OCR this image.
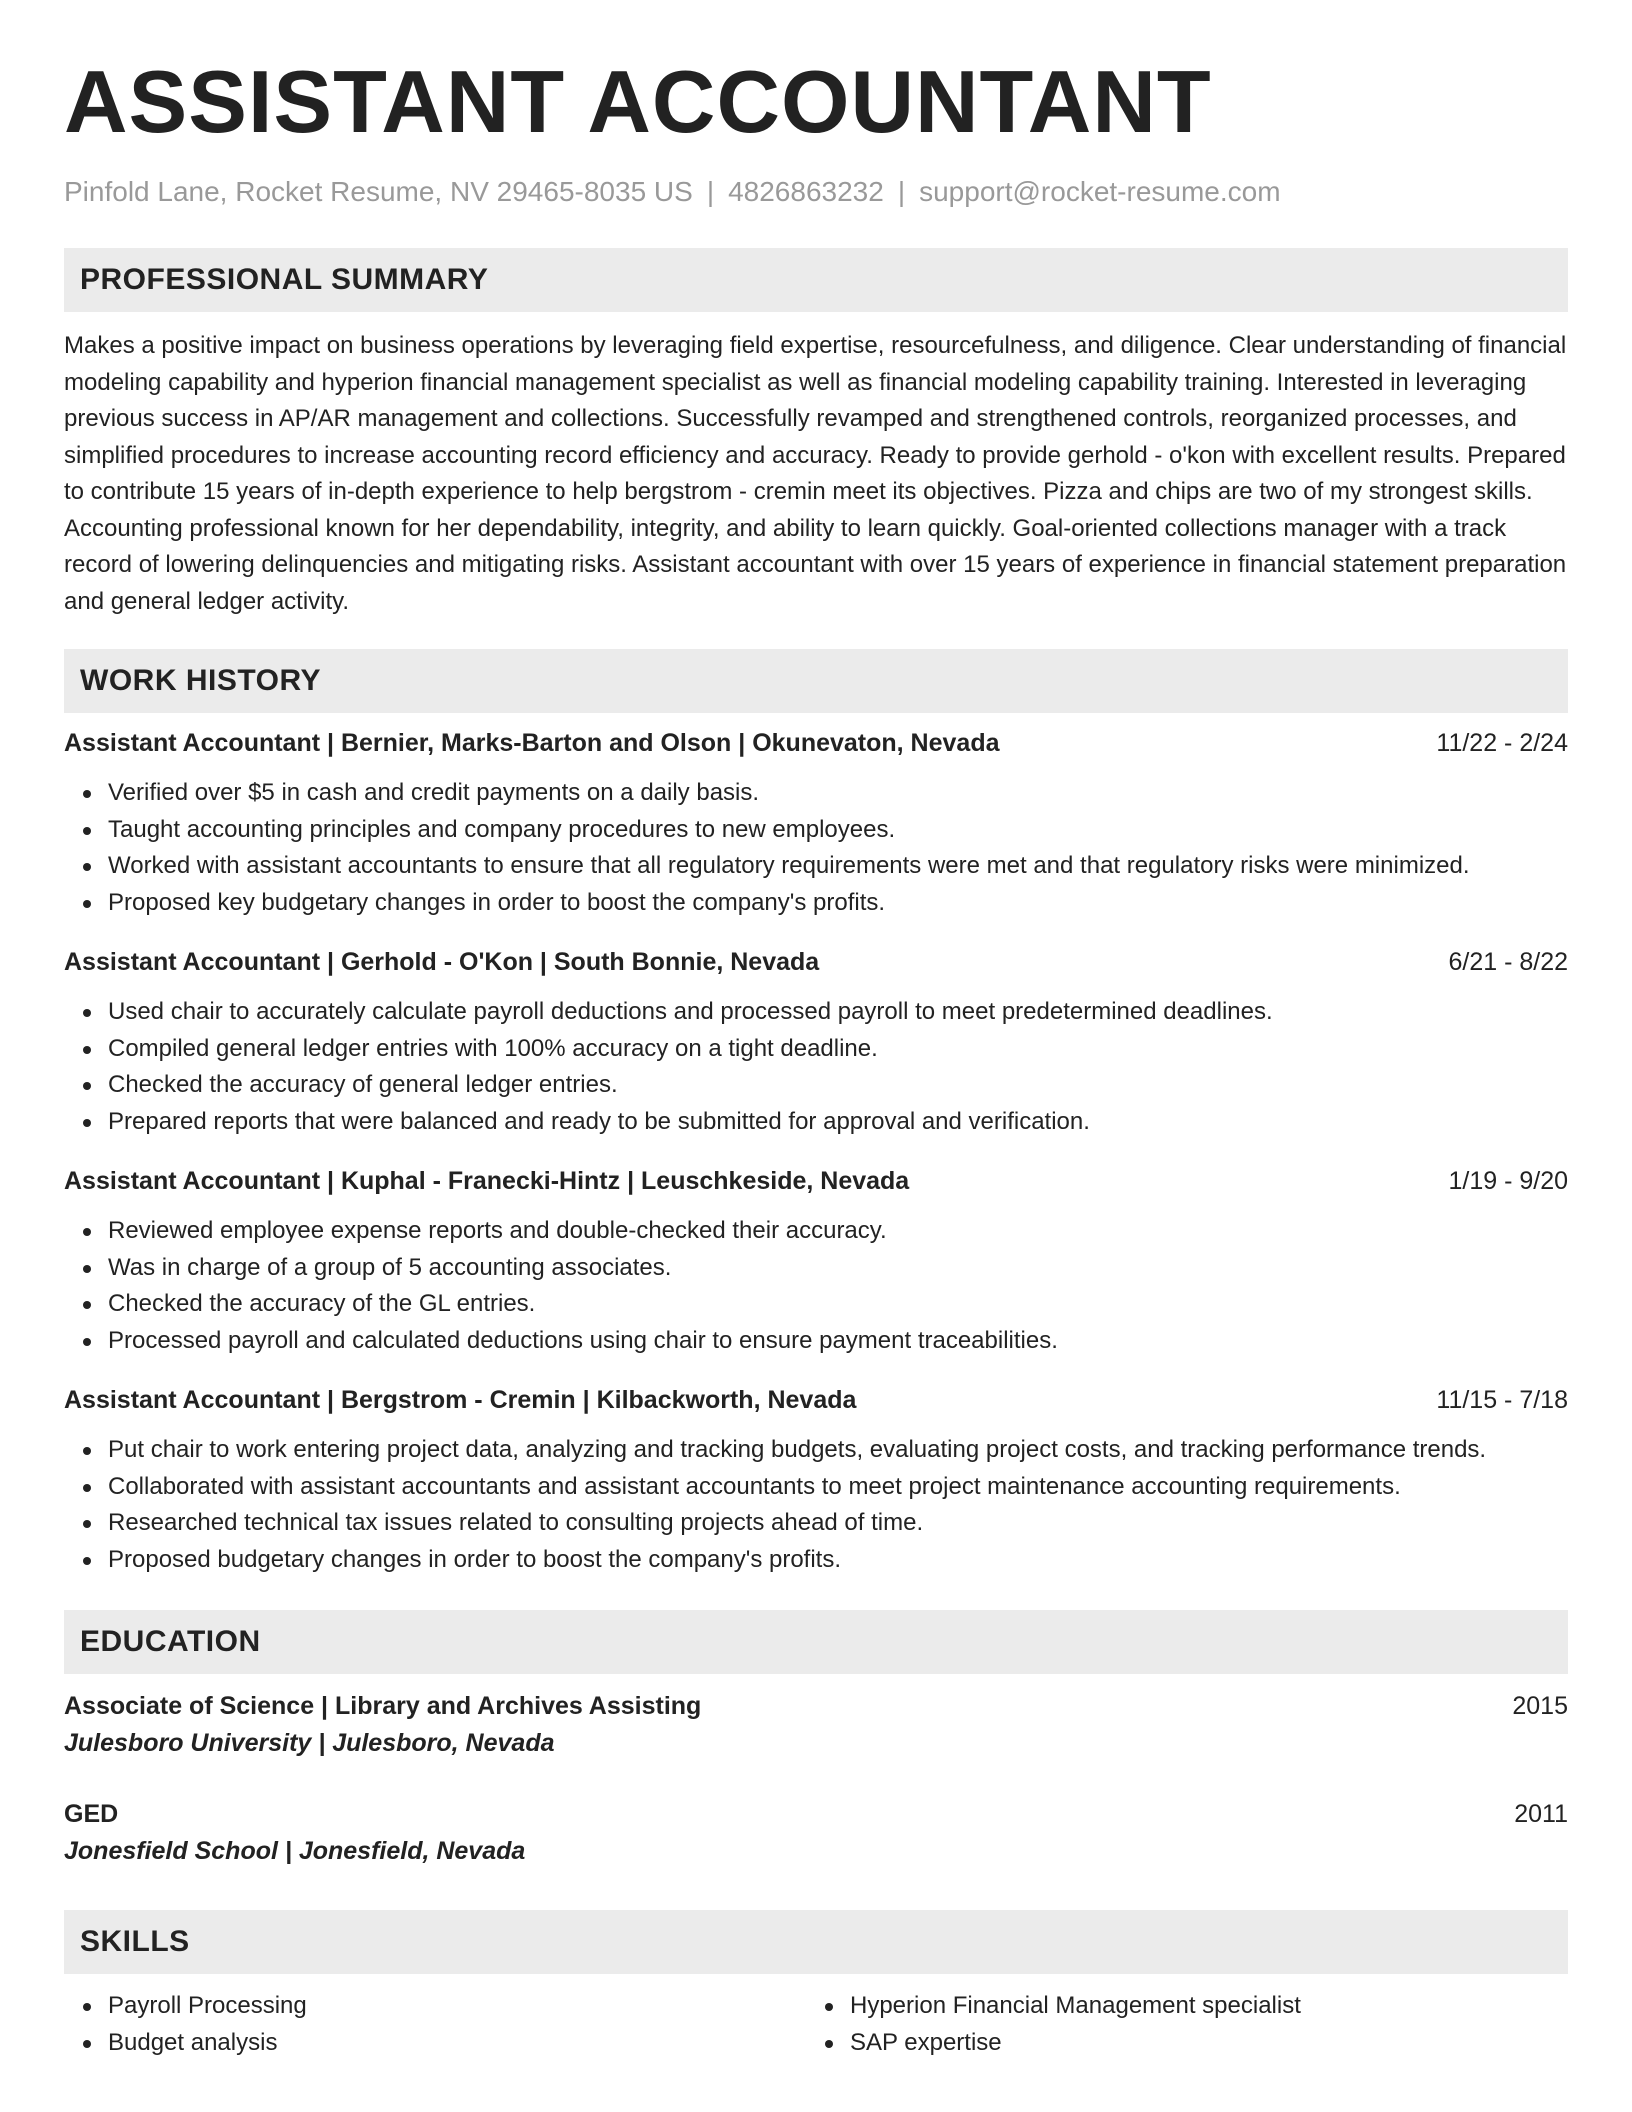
ASSISTANT ACCOUNTANT
Pinfold Lane, Rocket Resume, NV 29465-8035 US | 4826863232 | support@rocket-resume.com
PROFESSIONAL SUMMARY
Makes a positive impact on business operations by leveraging field expertise, resourcefulness, and diligence. Clear understanding of financial modeling capability and hyperion financial management specialist as well as financial modeling capability training. Interested in leveraging previous success in AP/AR management and collections. Successfully revamped and strengthened controls, reorganized processes, and simplified procedures to increase accounting record efficiency and accuracy. Ready to provide gerhold - o'kon with excellent results. Prepared to contribute 15 years of in-depth experience to help bergstrom - cremin meet its objectives. Pizza and chips are two of my strongest skills. Accounting professional known for her dependability, integrity, and ability to learn quickly. Goal-oriented collections manager with a track record of lowering delinquencies and mitigating risks. Assistant accountant with over 15 years of experience in financial statement preparation and general ledger activity.
WORK HISTORY
Assistant Accountant | Bernier, Marks-Barton and Olson | Okunevaton, Nevada	11/22 - 2/24
Verified over $5 in cash and credit payments on a daily basis.
Taught accounting principles and company procedures to new employees.
Worked with assistant accountants to ensure that all regulatory requirements were met and that regulatory risks were minimized.
Proposed key budgetary changes in order to boost the company's profits.
Assistant Accountant | Gerhold - O'Kon | South Bonnie, Nevada	6/21 - 8/22
Used chair to accurately calculate payroll deductions and processed payroll to meet predetermined deadlines.
Compiled general ledger entries with 100% accuracy on a tight deadline.
Checked the accuracy of general ledger entries.
Prepared reports that were balanced and ready to be submitted for approval and verification.
Assistant Accountant | Kuphal - Franecki-Hintz | Leuschkeside, Nevada	1/19 - 9/20
Reviewed employee expense reports and double-checked their accuracy.
Was in charge of a group of 5 accounting associates.
Checked the accuracy of the GL entries.
Processed payroll and calculated deductions using chair to ensure payment traceabilities.
Assistant Accountant | Bergstrom - Cremin | Kilbackworth, Nevada	11/15 - 7/18
Put chair to work entering project data, analyzing and tracking budgets, evaluating project costs, and tracking performance trends.
Collaborated with assistant accountants and assistant accountants to meet project maintenance accounting requirements.
Researched technical tax issues related to consulting projects ahead of time.
Proposed budgetary changes in order to boost the company's profits.
EDUCATION
Associate of Science | Library and Archives Assisting	2015
Julesboro University | Julesboro, Nevada
GED	2011
Jonesfield School | Jonesfield, Nevada
SKILLS
Payroll Processing
Budget analysis
Hyperion Financial Management specialist
SAP expertise
